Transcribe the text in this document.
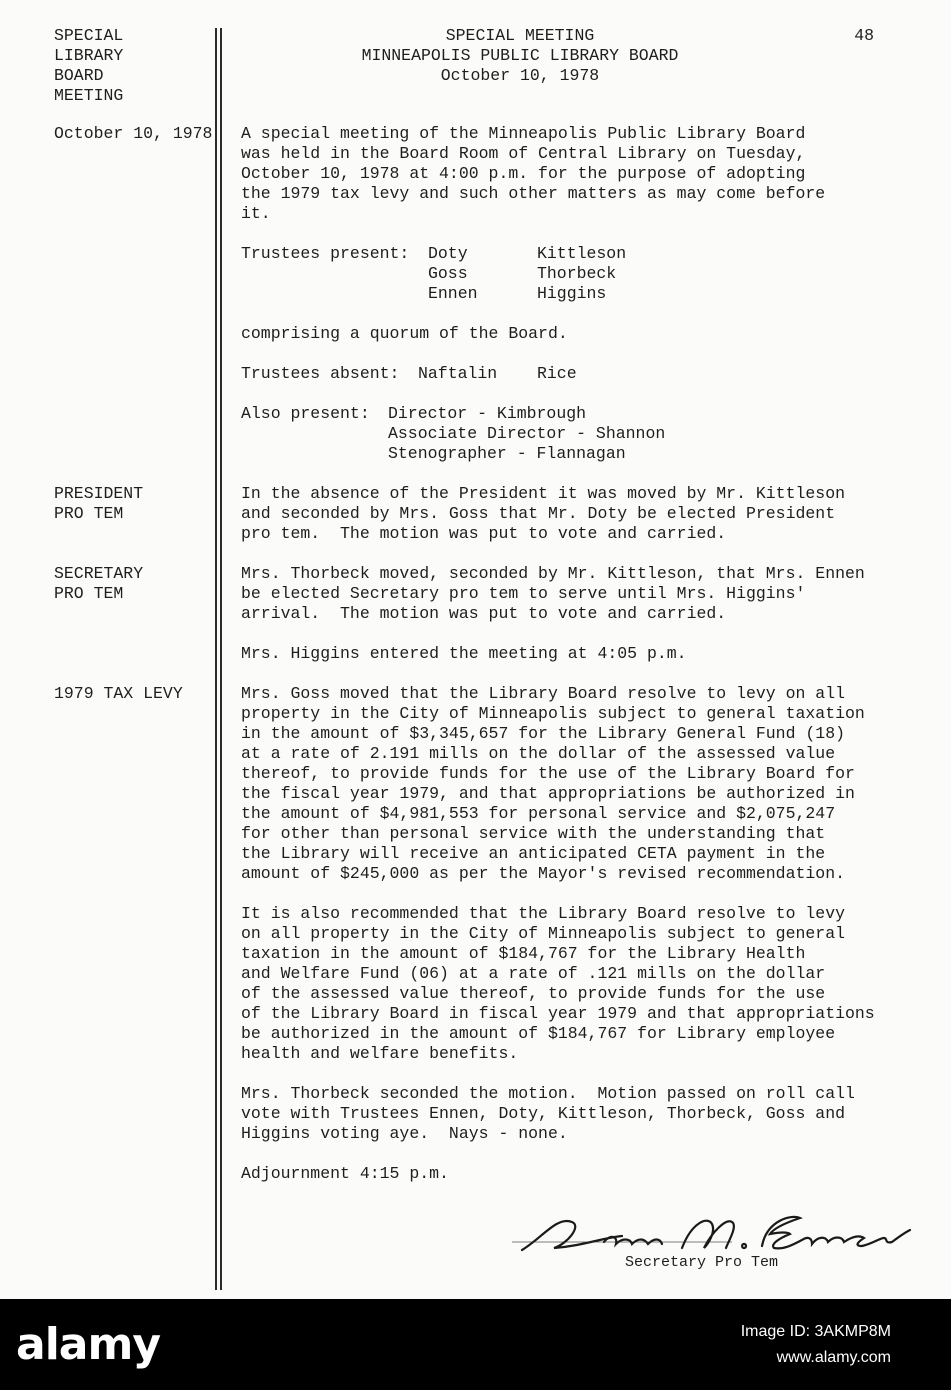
SPECIAL
LIBRARY
BOARD
MEETING
October 10, 1978
PRESIDENT
PRO TEM
SECRETARY
PRO TEM
1979 TAX LEVY
SPECIAL MEETING
MINNEAPOLIS PUBLIC LIBRARY BOARD
October 10, 1978
48
A special meeting of the Minneapolis Public Library Board
was held in the Board Room of Central Library on Tuesday,
October 10, 1978 at 4:00 p.m. for the purpose of adopting
the 1979 tax levy and such other matters as may come before
it.

Trustees present:

Doty
Goss
Ennen

Kittleson
Thorbeck
Higgins

comprising a quorum of the Board.

Trustees absent:

Naftalin

Rice

Also present:

Director - Kimbrough
Associate Director - Shannon
Stenographer - Flannagan

In the absence of the President it was moved by Mr. Kittleson
and seconded by Mrs. Goss that Mr. Doty be elected President
pro tem.  The motion was put to vote and carried.
Mrs. Thorbeck moved, seconded by Mr. Kittleson, that Mrs. Ennen
be elected Secretary pro tem to serve until Mrs. Higgins'
arrival.  The motion was put to vote and carried.
Mrs. Higgins entered the meeting at 4:05 p.m.
Mrs. Goss moved that the Library Board resolve to levy on all
property in the City of Minneapolis subject to general taxation
in the amount of $3,345,657 for the Library General Fund (18)
at a rate of 2.191 mills on the dollar of the assessed value
thereof, to provide funds for the use of the Library Board for
the fiscal year 1979, and that appropriations be authorized in
the amount of $4,981,553 for personal service and $2,075,247
for other than personal service with the understanding that
the Library will receive an anticipated CETA payment in the
amount of $245,000 as per the Mayor's revised recommendation.
It is also recommended that the Library Board resolve to levy
on all property in the City of Minneapolis subject to general
taxation in the amount of $184,767 for the Library Health
and Welfare Fund (06) at a rate of .121 mills on the dollar
of the assessed value thereof, to provide funds for the use
of the Library Board in fiscal year 1979 and that appropriations
be authorized in the amount of $184,767 for Library employee
health and welfare benefits.
Mrs. Thorbeck seconded the motion.  Motion passed on roll call
vote with Trustees Ennen, Doty, Kittleson, Thorbeck, Goss and
Higgins voting aye.  Nays - none.
Adjournment 4:15 p.m.
Grace M. Ennen	Secretary Pro Tem
alamy	Image ID: 3AKMP8M
www.alamy.com
